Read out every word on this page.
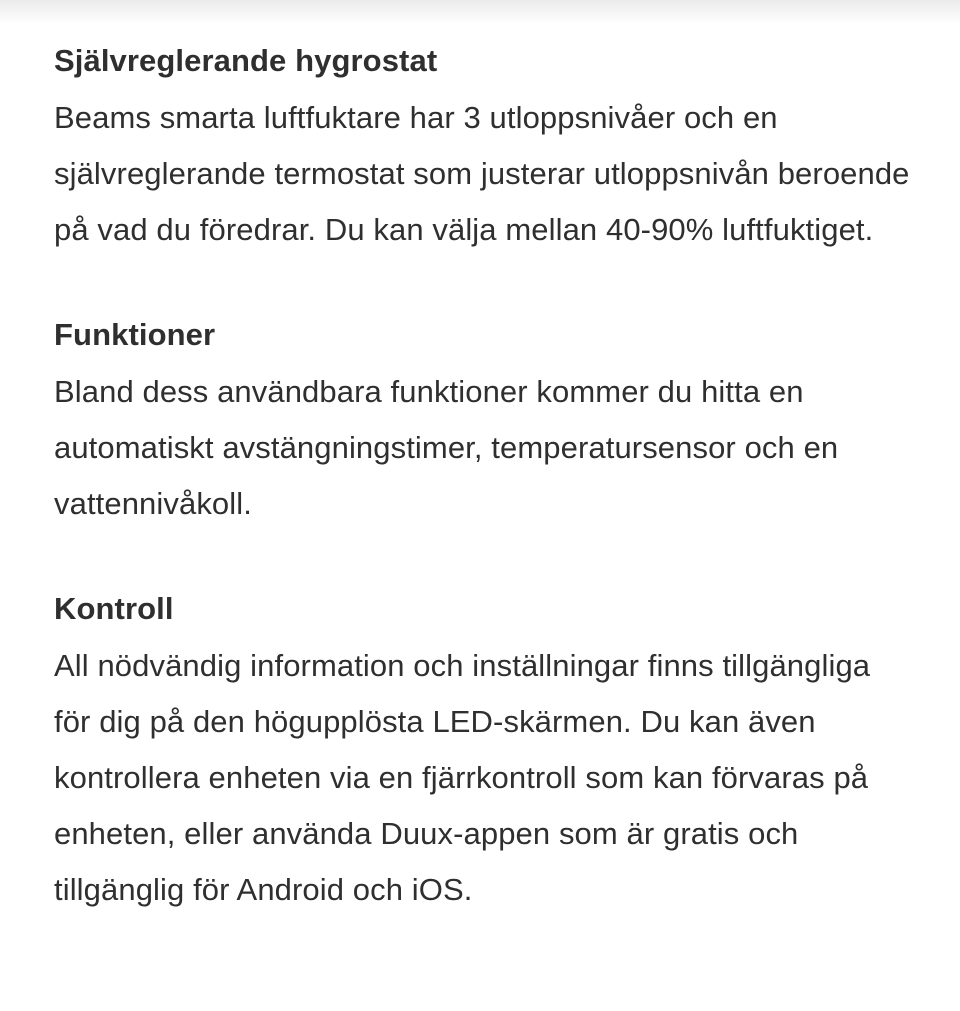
Självreglerande hygrostat

Beams smarta luftfuktare har 3 utloppsnivåer och en självreglerande termostat som justerar utloppsnivån beroende på vad du föredrar. Du kan välja mellan 40-90% luftfuktiget.

Funktioner

Bland dess användbara funktioner kommer du hitta en automatiskt avstängningstimer, temperatursensor och en vattennivåkoll.

Kontroll

All nödvändig information och inställningar finns tillgängliga för dig på den högupplösta LED-skärmen. Du kan även kontrollera enheten via en fjärrkontroll som kan förvaras på enheten, eller använda Duux-appen som är gratis och tillgänglig för Android och iOS.
